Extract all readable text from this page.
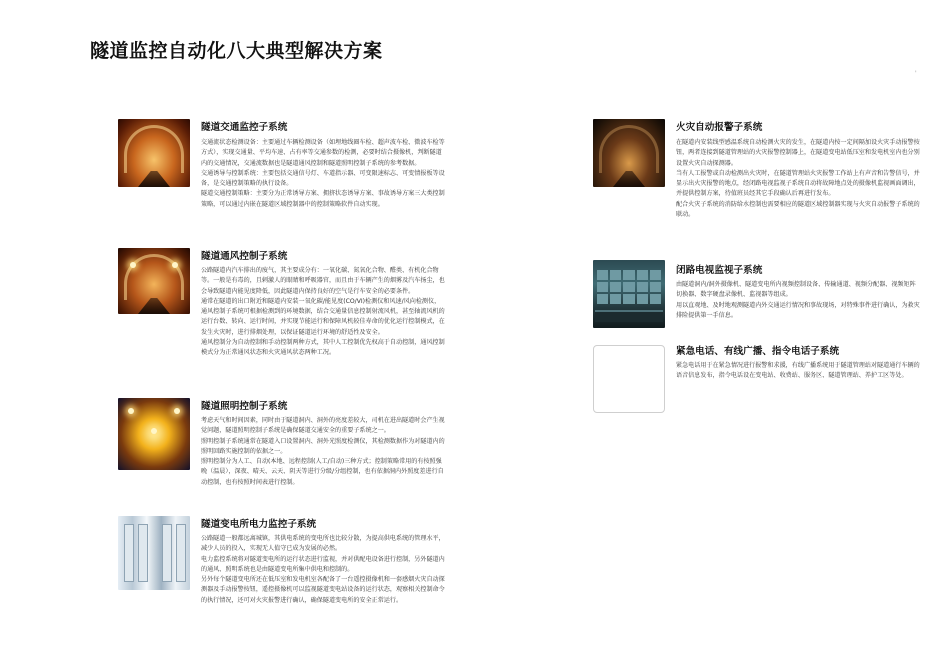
隧道监控自动化八大典型解决方案
'
隧道交通监控子系统

交通流状态检测设备：主要通过车辆检测设备（如埋地线圈车检、超声波车检、微波车检等方式），实现交通量、平均车速、占有率等交通参数的检测，必要时结合摄像机，判断隧道内的交通情况，交通流数据也是隧道通风控制和隧道照明控制子系统的参考数据。

交通诱导与控制系统：主要包括交通信号灯、车道指示器、可变限速标志、可变情报板等设备，是交通控制策略的执行设备。

隧道交通控制策略：主要分为正常诱导方案、拥挤状态诱导方案、事故诱导方案三大类控制策略，可以通过内嵌在隧道区域控制器中的控制策略软件自动实现。

隧道通风控制子系统

公路隧道内汽车排出的废气，其主要成分有：一氧化碳、氮氧化合物、醛类、有机化合物等。一般是有毒的，且刺激人的眼睛和呼吸器官，而且由于车辆产生的烟雾及汽车扬尘，也会导致隧道内能见度降低，因此隧道内保持良好的空气是行车安全的必要条件。

通常在隧道的出口附近和隧道内安装一氧化碳/能见度(CO/VI)检测仪和风速/风向检测仪，通风控制子系统可根据检测到的环境数据，结合交通量信息控制射流风机，甚至轴流风机的运行台数、转向、运行时间，并实现节能运行和保障风机较佳寿命的优化运行控制模式，在发生火灾时，进行排烟处理，以保证隧道运行环境的舒适性及安全。

通风控制分为自动控制和手动控制两种方式，其中人工控制优先权高于自动控制，通风控制模式分为正常通风状态和火灾通风状态两种工况。

隧道照明控制子系统

考虑天气和时间因素，同时由于隧道洞内、洞外的亮度差较大，司机在进出隧道时会产生视觉问题，隧道照明控制子系统是确保隧道交通安全的重要子系统之一。

照明控制子系统通常在隧道入口设置洞内、洞外光照度检测仪，其检测数据作为对隧道内的照明回路实施控制的依据之一。

照明控制分为人工、自动(本地、远程控制(人工/自动)三种方式；控制策略常用的有按照强晚（温晨），深夜、晴天、云天、阴天等进行分级/分组控制，也有依据洞内外照度差进行自动控制，也有按照时间表进行控制。

隧道变电所电力监控子系统

公路隧道一般都远离城镇，其供电系统的变电所也比较分散，为提高供电系统的管理水平，减少人员的投入，实现无人值守已成为发展的必然。

电力监控系统将对隧道变电所的运行状态进行监视，并对供配电设备进行控制，另外隧道内的通风、照明系统也是由隧道变电所集中供电和控制的。

另外每个隧道变电所还在低压室和发电机室各配备了一台遥控摄像机和一套感烟火灾自动探测器及手动报警按钮，遥控摄像机可以监视隧道变电站设备的运行状态，观察相关控制命令的执行情况，还可对火灾报警进行确认，确保隧道变电所的安全正常运行。

火灾自动报警子系统

在隧道内安装线型感温系统自动检测火灾的发生，在隧道内按一定间隔加设火灾手动报警按钮，两者连接到隧道管理站的火灾报警控制器上，在隧道变电站低压室和发电机室内也分别设置火灾自动探测器。

当有人工报警或自动检测出火灾时，在隧道管理站火灾报警工作站上有声音和告警信号，并显示出火灾报警的地点，经闭路电视监视子系统自动将故障地点处的摄像机监视画面调出，并提供控制方案，待值班员经其它手段确认后再进行发布。

配合火灾子系统的消防给水控制也需要相应的隧道区域控制器实现与火灾自动报警子系统的联动。

闭路电视监视子系统

由隧道洞内/洞外摄像机、隧道变电所内视频控制设备、传输通道、视频分配器、视频矩阵切换器、数字硬盘录像机、监视器等组成。

用以直观地、及时地观测隧道内外交通运行情况和事故现场，对特殊事件进行确认，为救灾排险提供第一手信息。

紧急电话、有线广播、指令电话子系统

紧急电话用于在紧急情况进行报警和求援，有线广播系统用于隧道管理站对隧道通行车辆的语音信息发布，指令电话设在变电站、收费站、服务区、隧道管理站、养护工区等处。
